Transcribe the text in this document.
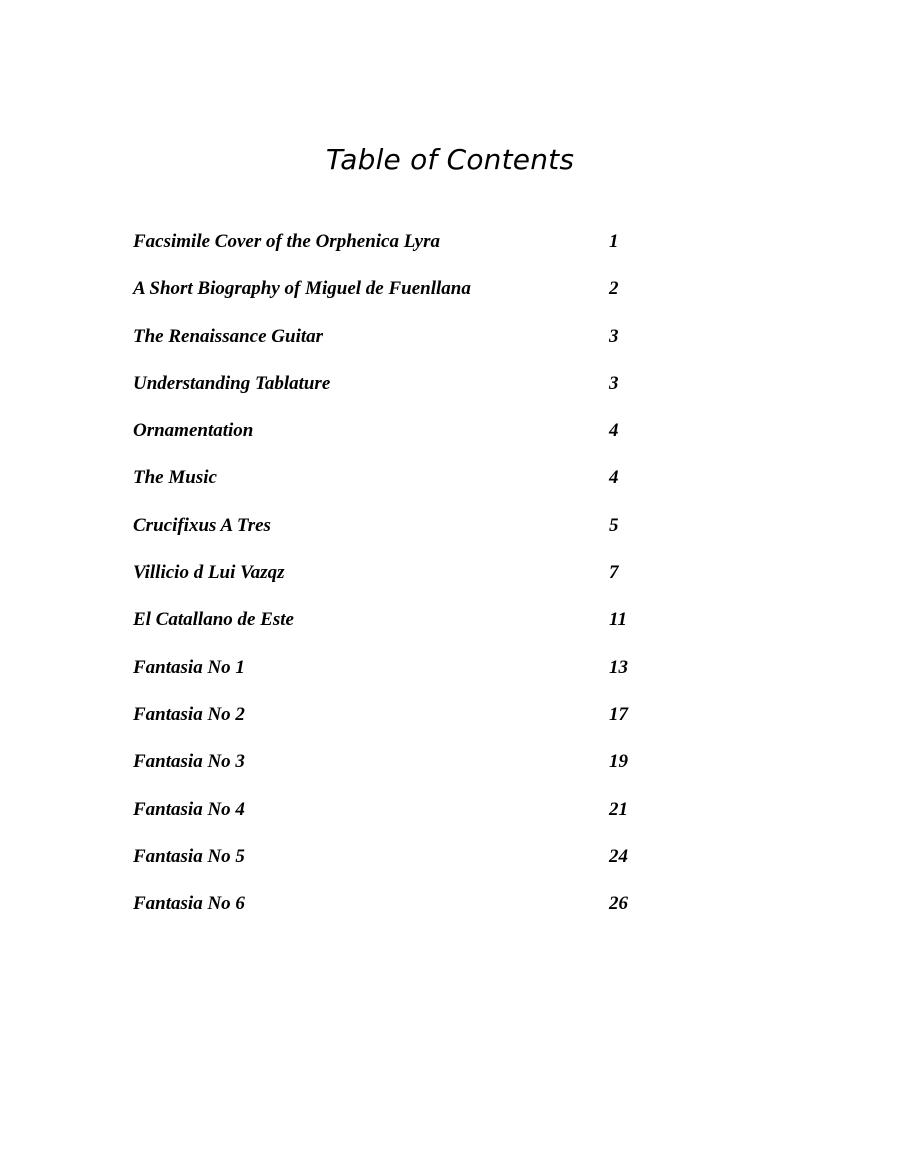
Table of Contents
Facsimile Cover of the Orphenica Lyra	1
A Short Biography of Miguel de Fuenllana	2
The Renaissance Guitar	3
Understanding Tablature	3
Ornamentation	4
The Music	4
Crucifixus A Tres	5
Villicio d Lui Vazqz	7
El Catallano de Este	11
Fantasia No 1	13
Fantasia No 2	17
Fantasia No 3	19
Fantasia No 4	21
Fantasia No 5	24
Fantasia No 6	26
